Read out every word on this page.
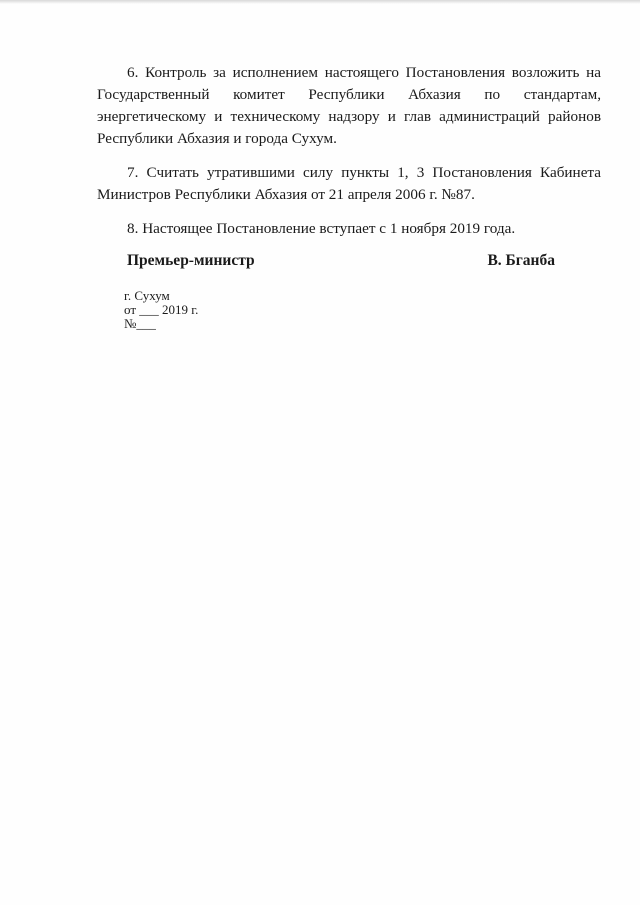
6. Контроль за исполнением настоящего Постановления возложить на Государственный комитет Республики Абхазия по стандартам, энергетическому и техническому надзору и глав администраций районов Республики Абхазия и города Сухум.

7. Считать утратившими силу пункты 1, 3 Постановления Кабинета Министров Республики Абхазия от 21 апреля 2006 г. №87.

8. Настоящее Постановление вступает с 1 ноября 2019 года.

Премьер-министр	В. Бганба
г. Сухум
от ___ 2019 г.
№___
